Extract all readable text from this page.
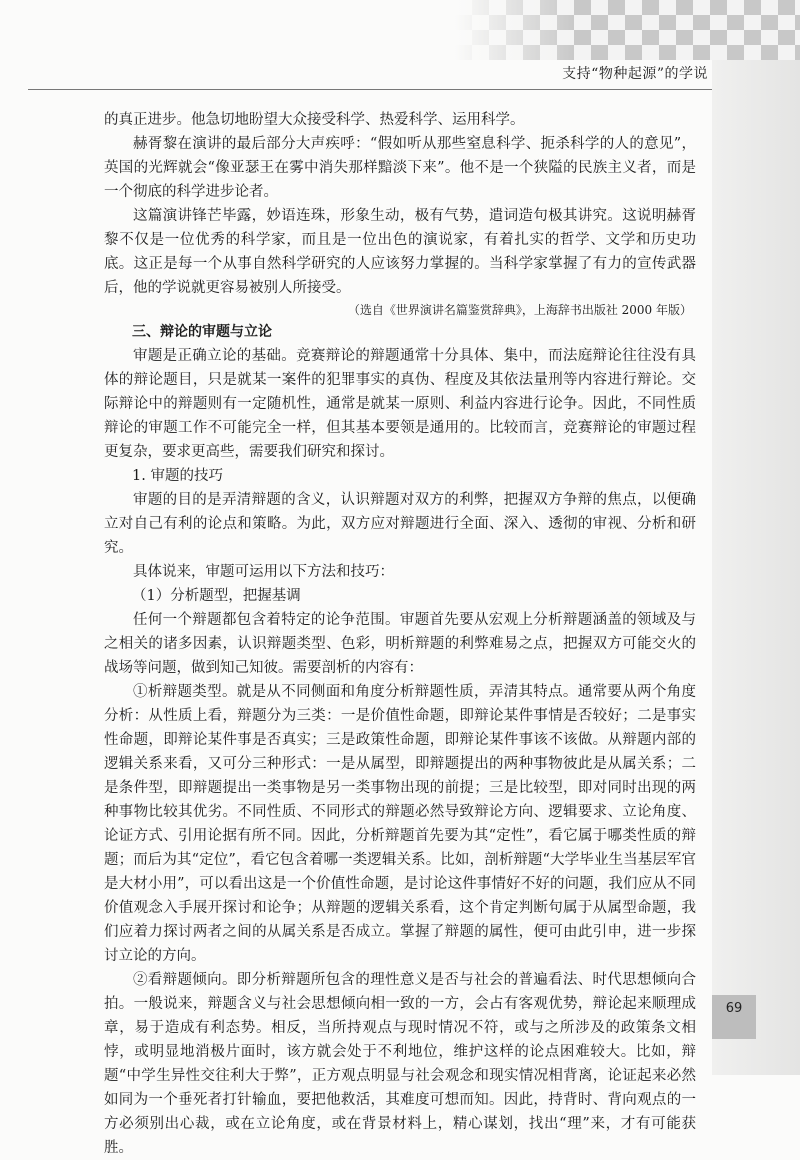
支持“物种起源”的学说

的真正进步。他急切地盼望大众接受科学、热爱科学、运用科学。

赫胥黎在演讲的最后部分大声疾呼：“假如听从那些窒息科学、扼杀科学的人的意见”，英国的光辉就会“像亚瑟王在雾中消失那样黯淡下来”。他不是一个狭隘的民族主义者，而是一个彻底的科学进步论者。

这篇演讲锋芒毕露，妙语连珠，形象生动，极有气势，遣词造句极其讲究。这说明赫胥黎不仅是一位优秀的科学家，而且是一位出色的演说家，有着扎实的哲学、文学和历史功底。这正是每一个从事自然科学研究的人应该努力掌握的。当科学家掌握了有力的宣传武器后，他的学说就更容易被别人所接受。

（选自《世界演讲名篇鉴赏辞典》，上海辞书出版社 2000 年版）

三、辩论的审题与立论

审题是正确立论的基础。竞赛辩论的辩题通常十分具体、集中，而法庭辩论往往没有具体的辩论题目，只是就某一案件的犯罪事实的真伪、程度及其依法量刑等内容进行辩论。交际辩论中的辩题则有一定随机性，通常是就某一原则、利益内容进行论争。因此，不同性质辩论的审题工作不可能完全一样，但其基本要领是通用的。比较而言，竞赛辩论的审题过程更复杂，要求更高些，需要我们研究和探讨。

1. 审题的技巧

审题的目的是弄清辩题的含义，认识辩题对双方的利弊，把握双方争辩的焦点，以便确立对自己有利的论点和策略。为此，双方应对辩题进行全面、深入、透彻的审视、分析和研究。

具体说来，审题可运用以下方法和技巧：

（1）分析题型，把握基调

任何一个辩题都包含着特定的论争范围。审题首先要从宏观上分析辩题涵盖的领域及与之相关的诸多因素，认识辩题类型、色彩，明析辩题的利弊难易之点，把握双方可能交火的战场等问题，做到知己知彼。需要剖析的内容有：

①析辩题类型。就是从不同侧面和角度分析辩题性质，弄清其特点。通常要从两个角度分析：从性质上看，辩题分为三类：一是价值性命题，即辩论某件事情是否较好；二是事实性命题，即辩论某件事是否真实；三是政策性命题，即辩论某件事该不该做。从辩题内部的逻辑关系来看，又可分三种形式：一是从属型，即辩题提出的两种事物彼此是从属关系；二是条件型，即辩题提出一类事物是另一类事物出现的前提；三是比较型，即对同时出现的两种事物比较其优劣。不同性质、不同形式的辩题必然导致辩论方向、逻辑要求、立论角度、论证方式、引用论据有所不同。因此，分析辩题首先要为其“定性”，看它属于哪类性质的辩题；而后为其“定位”，看它包含着哪一类逻辑关系。比如，剖析辩题“大学毕业生当基层军官是大材小用”，可以看出这是一个价值性命题，是讨论这件事情好不好的问题，我们应从不同价值观念入手展开探讨和论争；从辩题的逻辑关系看，这个肯定判断句属于从属型命题，我们应着力探讨两者之间的从属关系是否成立。掌握了辩题的属性，便可由此引申，进一步探讨立论的方向。

②看辩题倾向。即分析辩题所包含的理性意义是否与社会的普遍看法、时代思想倾向合拍。一般说来，辩题含义与社会思想倾向相一致的一方，会占有客观优势，辩论起来顺理成章，易于造成有利态势。相反，当所持观点与现时情况不符，或与之所涉及的政策条文相悖，或明显地消极片面时，该方就会处于不利地位，维护这样的论点困难较大。比如，辩题“中学生异性交往利大于弊”，正方观点明显与社会观念和现实情况相背离，论证起来必然如同为一个垂死者打针输血，要把他救活，其难度可想而知。因此，持背时、背向观点的一方必须别出心裁，或在立论角度，或在背景材料上，精心谋划，找出“理”来，才有可能获胜。

69
